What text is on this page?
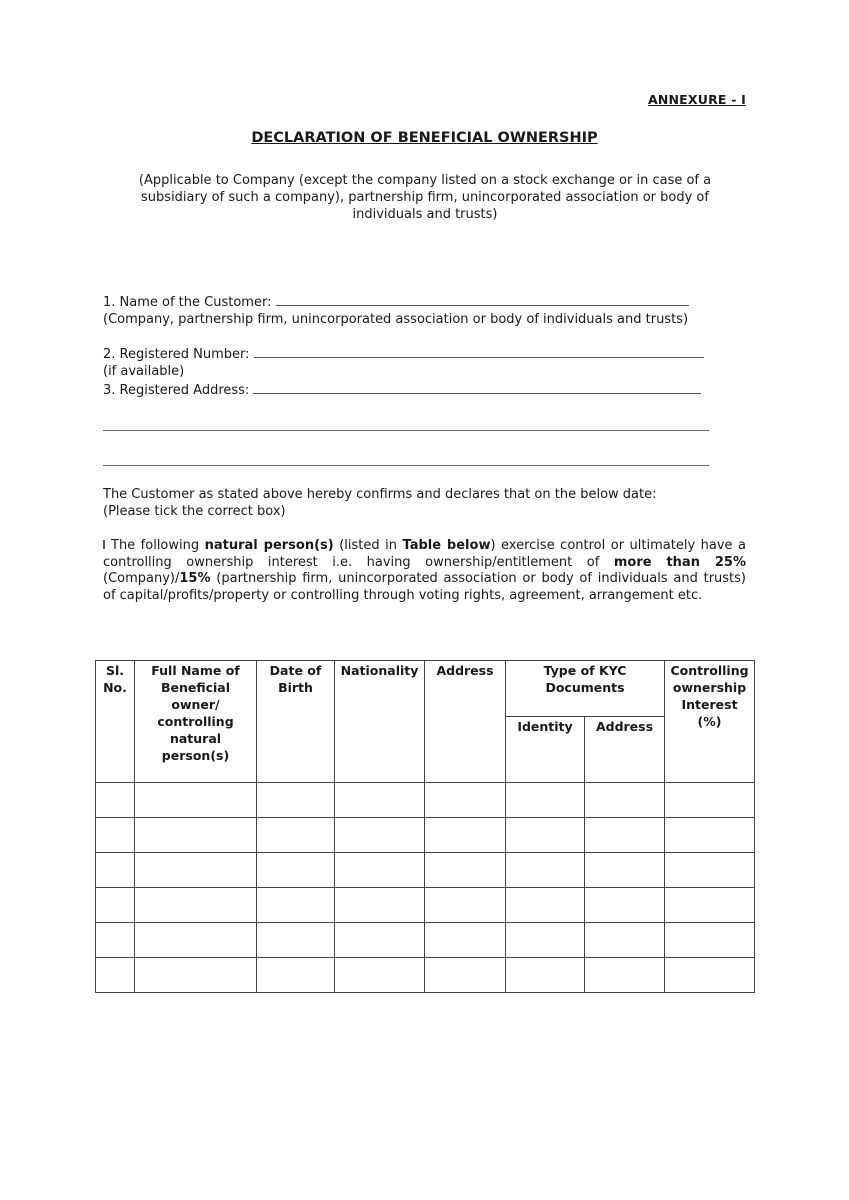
ANNEXURE - I
DECLARATION OF BENEFICIAL OWNERSHIP
(Applicable to Company (except the company listed on a stock exchange or in case of a subsidiary of such a company), partnership firm, unincorporated association or body of individuals and trusts)
1. Name of the Customer:
(Company, partnership firm, unincorporated association or body of individuals and trusts)
2. Registered Number:
(if available)
3. Registered Address:
The Customer as stated above hereby confirms and declares that on the below date:
(Please tick the correct box)
The following natural person(s) (listed in Table below) exercise control or ultimately have a controlling ownership interest i.e. having ownership/entitlement of more than 25% (Company)/15% (partnership firm, unincorporated association or body of individuals and trusts) of capital/profits/property or controlling through voting rights, agreement, arrangement etc.
Sl. No.	Full Name of Beneficial owner/ controlling natural person(s)	Date of Birth	Nationality	Address	Type of KYC Documents		Controlling ownership Interest (%)
					Identity	Address	
